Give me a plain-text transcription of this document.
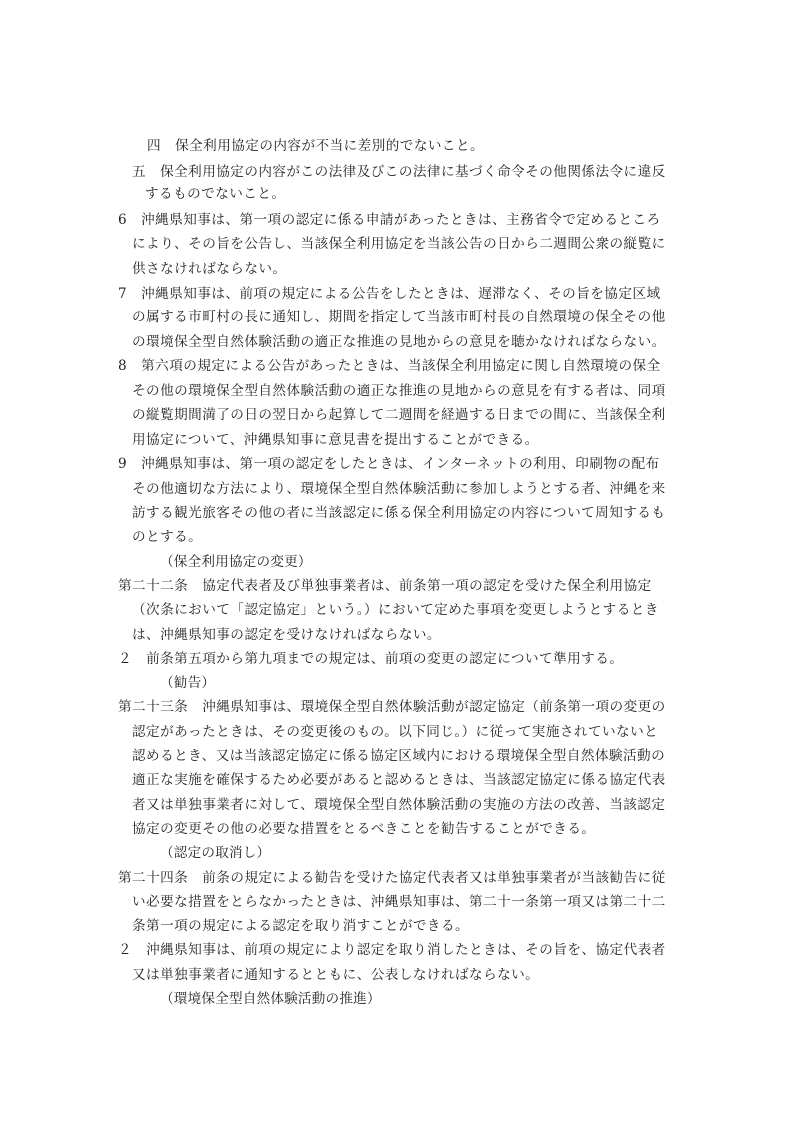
四　保全利用協定の内容が不当に差別的でないこと。
五　保全利用協定の内容がこの法律及びこの法律に基づく命令その他関係法令に違反
するものでないこと。
6　沖縄県知事は、第一項の認定に係る申請があったときは、主務省令で定めるところ
により、その旨を公告し、当該保全利用協定を当該公告の日から二週間公衆の縦覧に
供さなければならない。
7　沖縄県知事は、前項の規定による公告をしたときは、遅滞なく、その旨を協定区域
の属する市町村の長に通知し、期間を指定して当該市町村長の自然環境の保全その他
の環境保全型自然体験活動の適正な推進の見地からの意見を聴かなければならない。
8　第六項の規定による公告があったときは、当該保全利用協定に関し自然環境の保全
その他の環境保全型自然体験活動の適正な推進の見地からの意見を有する者は、同項
の縦覧期間満了の日の翌日から起算して二週間を経過する日までの間に、当該保全利
用協定について、沖縄県知事に意見書を提出することができる。
9　沖縄県知事は、第一項の認定をしたときは、インターネットの利用、印刷物の配布
その他適切な方法により、環境保全型自然体験活動に参加しようとする者、沖縄を来
訪する観光旅客その他の者に当該認定に係る保全利用協定の内容について周知するも
のとする。
（保全利用協定の変更）
第二十二条　協定代表者及び単独事業者は、前条第一項の認定を受けた保全利用協定
（次条において「認定協定」という。）において定めた事項を変更しようとするとき
は、沖縄県知事の認定を受けなければならない。
２　前条第五項から第九項までの規定は、前項の変更の認定について準用する。
（勧告）
第二十三条　沖縄県知事は、環境保全型自然体験活動が認定協定（前条第一項の変更の
認定があったときは、その変更後のもの。以下同じ。）に従って実施されていないと
認めるとき、又は当該認定協定に係る協定区域内における環境保全型自然体験活動の
適正な実施を確保するため必要があると認めるときは、当該認定協定に係る協定代表
者又は単独事業者に対して、環境保全型自然体験活動の実施の方法の改善、当該認定
協定の変更その他の必要な措置をとるべきことを勧告することができる。
（認定の取消し）
第二十四条　前条の規定による勧告を受けた協定代表者又は単独事業者が当該勧告に従
い必要な措置をとらなかったときは、沖縄県知事は、第二十一条第一項又は第二十二
条第一項の規定による認定を取り消すことができる。
２　沖縄県知事は、前項の規定により認定を取り消したときは、その旨を、協定代表者
又は単独事業者に通知するとともに、公表しなければならない。
（環境保全型自然体験活動の推進）
